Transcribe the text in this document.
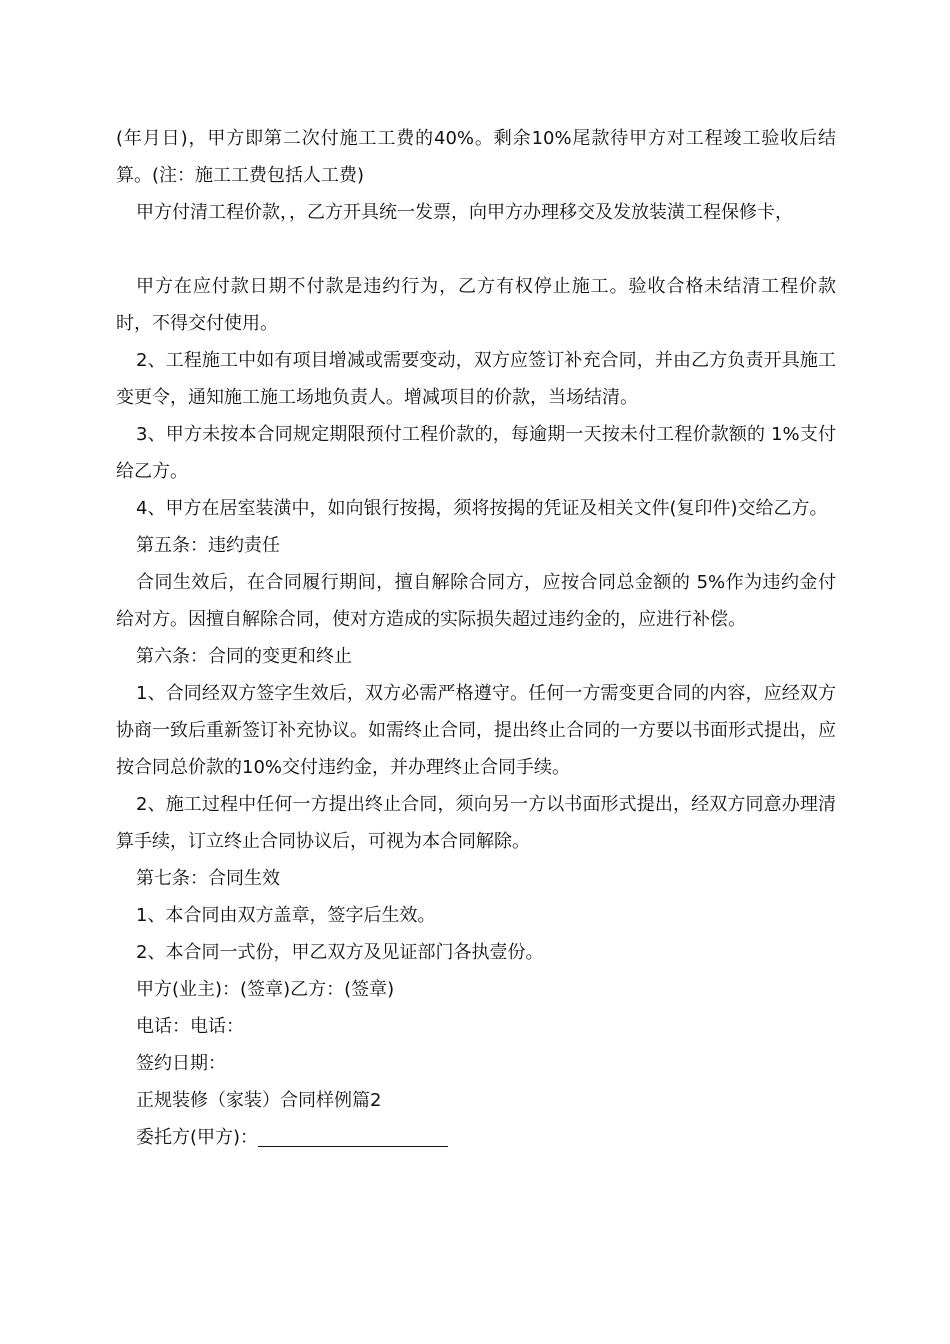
(年月日)，甲方即第二次付施工工费的40%。剩余10%尾款待甲方对工程竣工验收后结算。(注：施工工费包括人工费)

甲方付清工程价款，，乙方开具统一发票，向甲方办理移交及发放装潢工程保修卡，

甲方在应付款日期不付款是违约行为，乙方有权停止施工。验收合格未结清工程价款时，不得交付使用。

2、工程施工中如有项目增减或需要变动，双方应签订补充合同，并由乙方负责开具施工变更令，通知施工施工场地负责人。增减项目的价款，当场结清。

3、甲方未按本合同规定期限预付工程价款的，每逾期一天按未付工程价款额的 1%支付给乙方。

4、甲方在居室装潢中，如向银行按揭，须将按揭的凭证及相关文件(复印件)交给乙方。

第五条：违约责任

合同生效后，在合同履行期间，擅自解除合同方，应按合同总金额的 5%作为违约金付给对方。因擅自解除合同，使对方造成的实际损失超过违约金的，应进行补偿。

第六条：合同的变更和终止

1、合同经双方签字生效后，双方必需严格遵守。任何一方需变更合同的内容，应经双方协商一致后重新签订补充协议。如需终止合同，提出终止合同的一方要以书面形式提出，应按合同总价款的10%交付违约金，并办理终止合同手续。

2、施工过程中任何一方提出终止合同，须向另一方以书面形式提出，经双方同意办理清算手续，订立终止合同协议后，可视为本合同解除。

第七条：合同生效

1、本合同由双方盖章，签字后生效。

2、本合同一式份，甲乙双方及见证部门各执壹份。

甲方(业主)：(签章)乙方：(签章)

电话：电话：

签约日期：

正规装修（家装）合同样例篇2

委托方(甲方)：
